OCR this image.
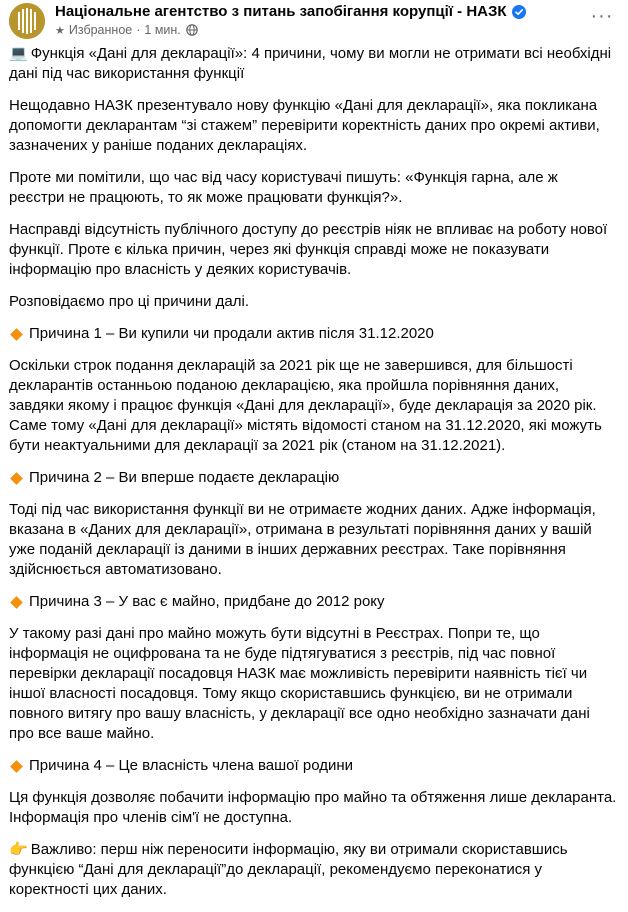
Національне агентство з питань запобігання корупції - НАЗК
★ Избранное · 1 мин.
···

💻 Функція «Дані для декларації»: 4 причини, чому ви могли не отримати всі необхідні дані під час використання функції

Нещодавно НАЗК презентувало нову функцію «Дані для декларації», яка покликана допомогти декларантам “зі стажем” перевірити коректність даних про окремі активи, зазначених у раніше поданих деклараціях.

Проте ми помітили, що час від часу користувачі пишуть: «Функція гарна, але ж реєстри не працюють, то як може працювати функція?».

Насправді відсутність публічного доступу до реєстрів ніяк не впливає на роботу нової функції. Проте є кілька причин, через які функція справді може не показувати інформацію про власність у деяких користувачів.

Розповідаємо про ці причини далі.

Причина 1 – Ви купили чи продали актив після 31.12.2020

Оскільки строк подання декларацій за 2021 рік ще не завершився, для більшості декларантів останньою поданою декларацією, яка пройшла порівняння даних, завдяки якому і працює функція «Дані для декларації», буде декларація за 2020 рік. Саме тому «Дані для декларації» містять відомості станом на 31.12.2020, які можуть бути неактуальними для декларації за 2021 рік (станом на 31.12.2021).

Причина 2 – Ви вперше подаєте декларацію

Тоді під час використання функції ви не отримаєте жодних даних. Адже інформація, вказана в «Даних для декларації», отримана в результаті порівняння даних у вашій уже поданій декларації із даними в інших державних реєстрах. Таке порівняння здійснюється автоматизовано.

Причина 3 – У вас є майно, придбане до 2012 року

У такому разі дані про майно можуть бути відсутні в Реєстрах. Попри те, що інформація не оцифрована та не буде підтягуватися з реєстрів, під час повної перевірки декларації посадовця НАЗК має можливість перевірити наявність тієї чи іншої власності посадовця. Тому якщо скориставшись функцією, ви не отримали повного витягу про вашу власність, у декларації все одно необхідно зазначати дані про все ваше майно.

Причина 4 – Це власність члена вашої родини

Ця функція дозволяє побачити інформацію про майно та обтяження лише декларанта. Інформація про членів сім'ї не доступна.

👉 Важливо: перш ніж переносити інформацію, яку ви отримали скориставшись функцією “Дані для декларації”до декларації, рекомендуємо переконатися у коректності цих даних.
